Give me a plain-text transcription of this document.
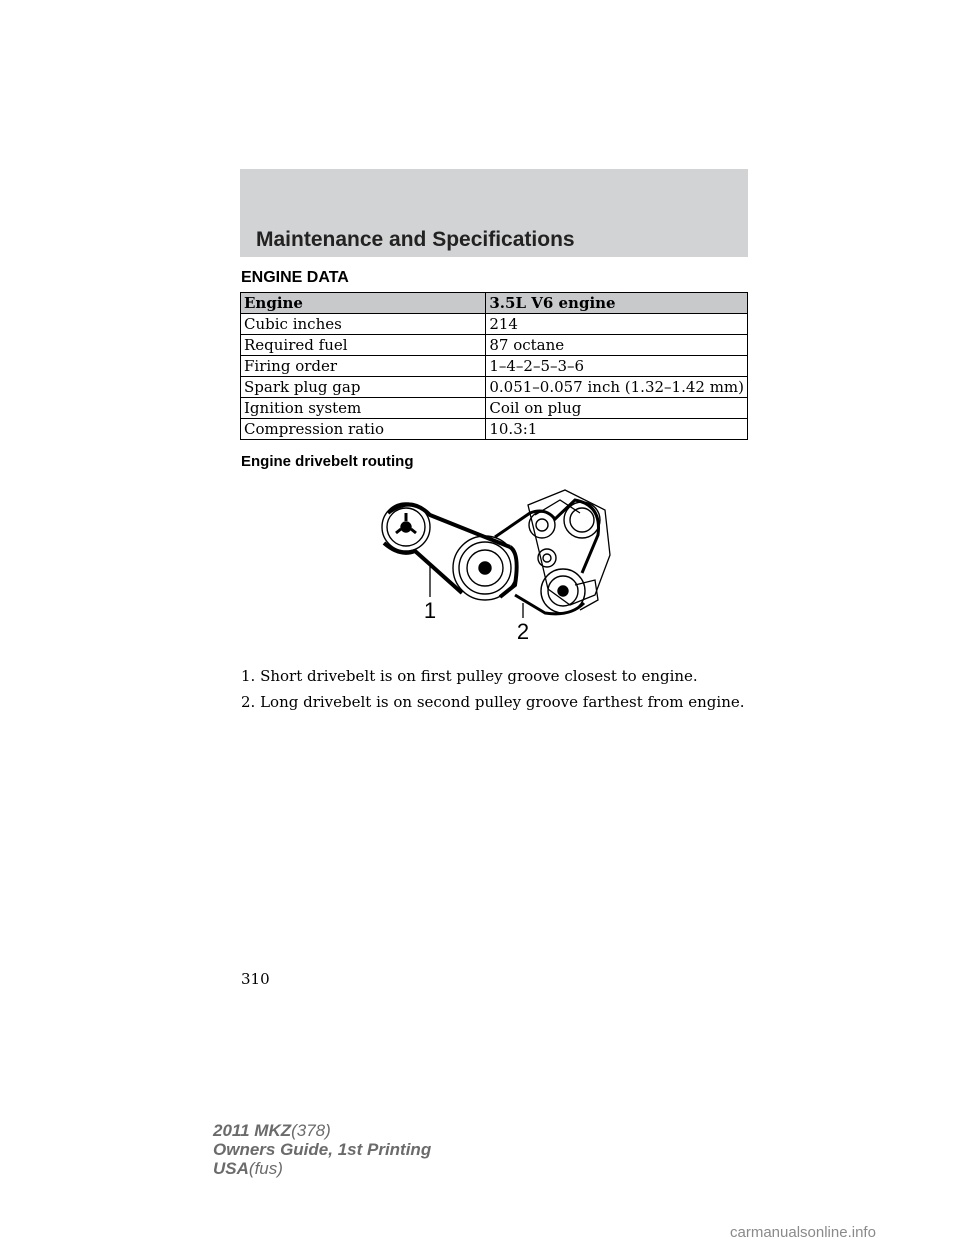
Maintenance and Specifications
ENGINE DATA
Engine	3.5L V6 engine
Cubic inches	214
Required fuel	87 octane
Firing order	1–4–2–5–3–6
Spark plug gap	0.051–0.057 inch (1.32–1.42 mm)
Ignition system	Coil on plug
Compression ratio	10.3:1
Engine drivebelt routing
1
2
1. Short drivebelt is on first pulley groove closest to engine.
2. Long drivebelt is on second pulley groove farthest from engine.
310
2011 MKZ(378)
Owners Guide, 1st Printing
USA(fus)
carmanualsonline.info
